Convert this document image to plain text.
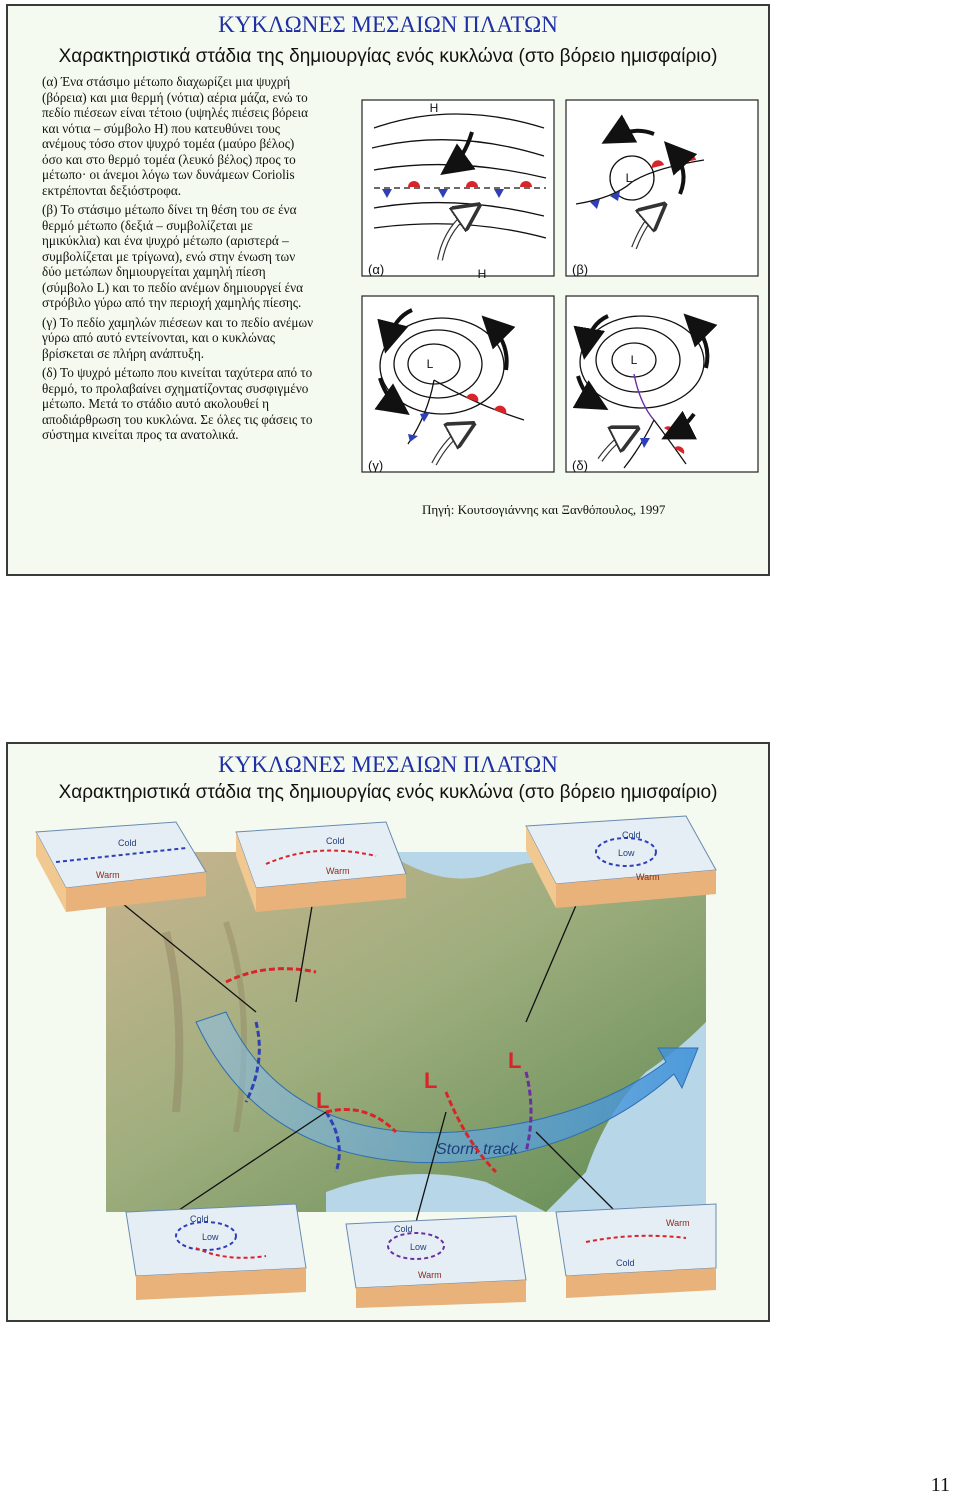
ΚΥΚΛΩΝΕΣ ΜΕΣΑΙΩΝ ΠΛΑΤΩΝ
Χαρακτηριστικά στάδια της δημιουργίας ενός κυκλώνα (στο βόρειο ημισφαίριο)

(α) Ένα στάσιμο μέτωπο διαχωρίζει μια ψυχρή (βόρεια) και μια θερμή (νότια) αέρια μάζα, ενώ το πεδίο πιέσεων είναι τέτοιο (υψηλές πιέσεις βόρεια και νότια – σύμβολο Η) που κατευθύνει τους ανέμους τόσο στον ψυχρό τομέα (μαύρο βέλος) όσο και στο θερμό τομέα (λευκό βέλος) προς το μέτωπο· οι άνεμοι λόγω των δυνάμεων Coriolis εκτρέπονται δεξιόστροφα.

(β) Το στάσιμο μέτωπο δίνει τη θέση του σε ένα θερμό μέτωπο (δεξιά – συμβολίζεται με ημικύκλια) και ένα ψυχρό μέτωπο (αριστερά – συμβολίζεται με τρίγωνα), ενώ στην ένωση των δύο μετώπων δημιουργείται χαμηλή πίεση (σύμβολο L) και το πεδίο ανέμων δημιουργεί ένα στρόβιλο γύρω από την περιοχή χαμηλής πίεσης.

(γ) Το πεδίο χαμηλών πιέσεων και το πεδίο ανέμων γύρω από αυτό εντείνονται, και ο κυκλώνας βρίσκεται σε πλήρη ανάπτυξη.

(δ) Το ψυχρό μέτωπο που κινείται ταχύτερα από το θερμό, το προλαβαίνει σχηματίζοντας συσφιγμένο μέτωπο. Μετά το στάδιο αυτό ακολουθεί η αποδιάρθρωση του κυκλώνα. Σε όλες τις φάσεις το σύστημα κινείται προς τα ανατολικά.

H
H
L
L	L
(α)	(β)
(γ)	(δ)
Πηγή: Κουτσογιάννης και Ξανθόπουλος, 1997
ΚΥΚΛΩΝΕΣ ΜΕΣΑΙΩΝ ΠΛΑΤΩΝ
Χαρακτηριστικά στάδια της δημιουργίας ενός κυκλώνα (στο βόρειο ημισφαίριο)
Storm track
L
L
L
Cold
Warm
Cold
Warm
Cold
Low
Warm
Cold
Low
Cold
Low
Warm
Warm
Cold
11
